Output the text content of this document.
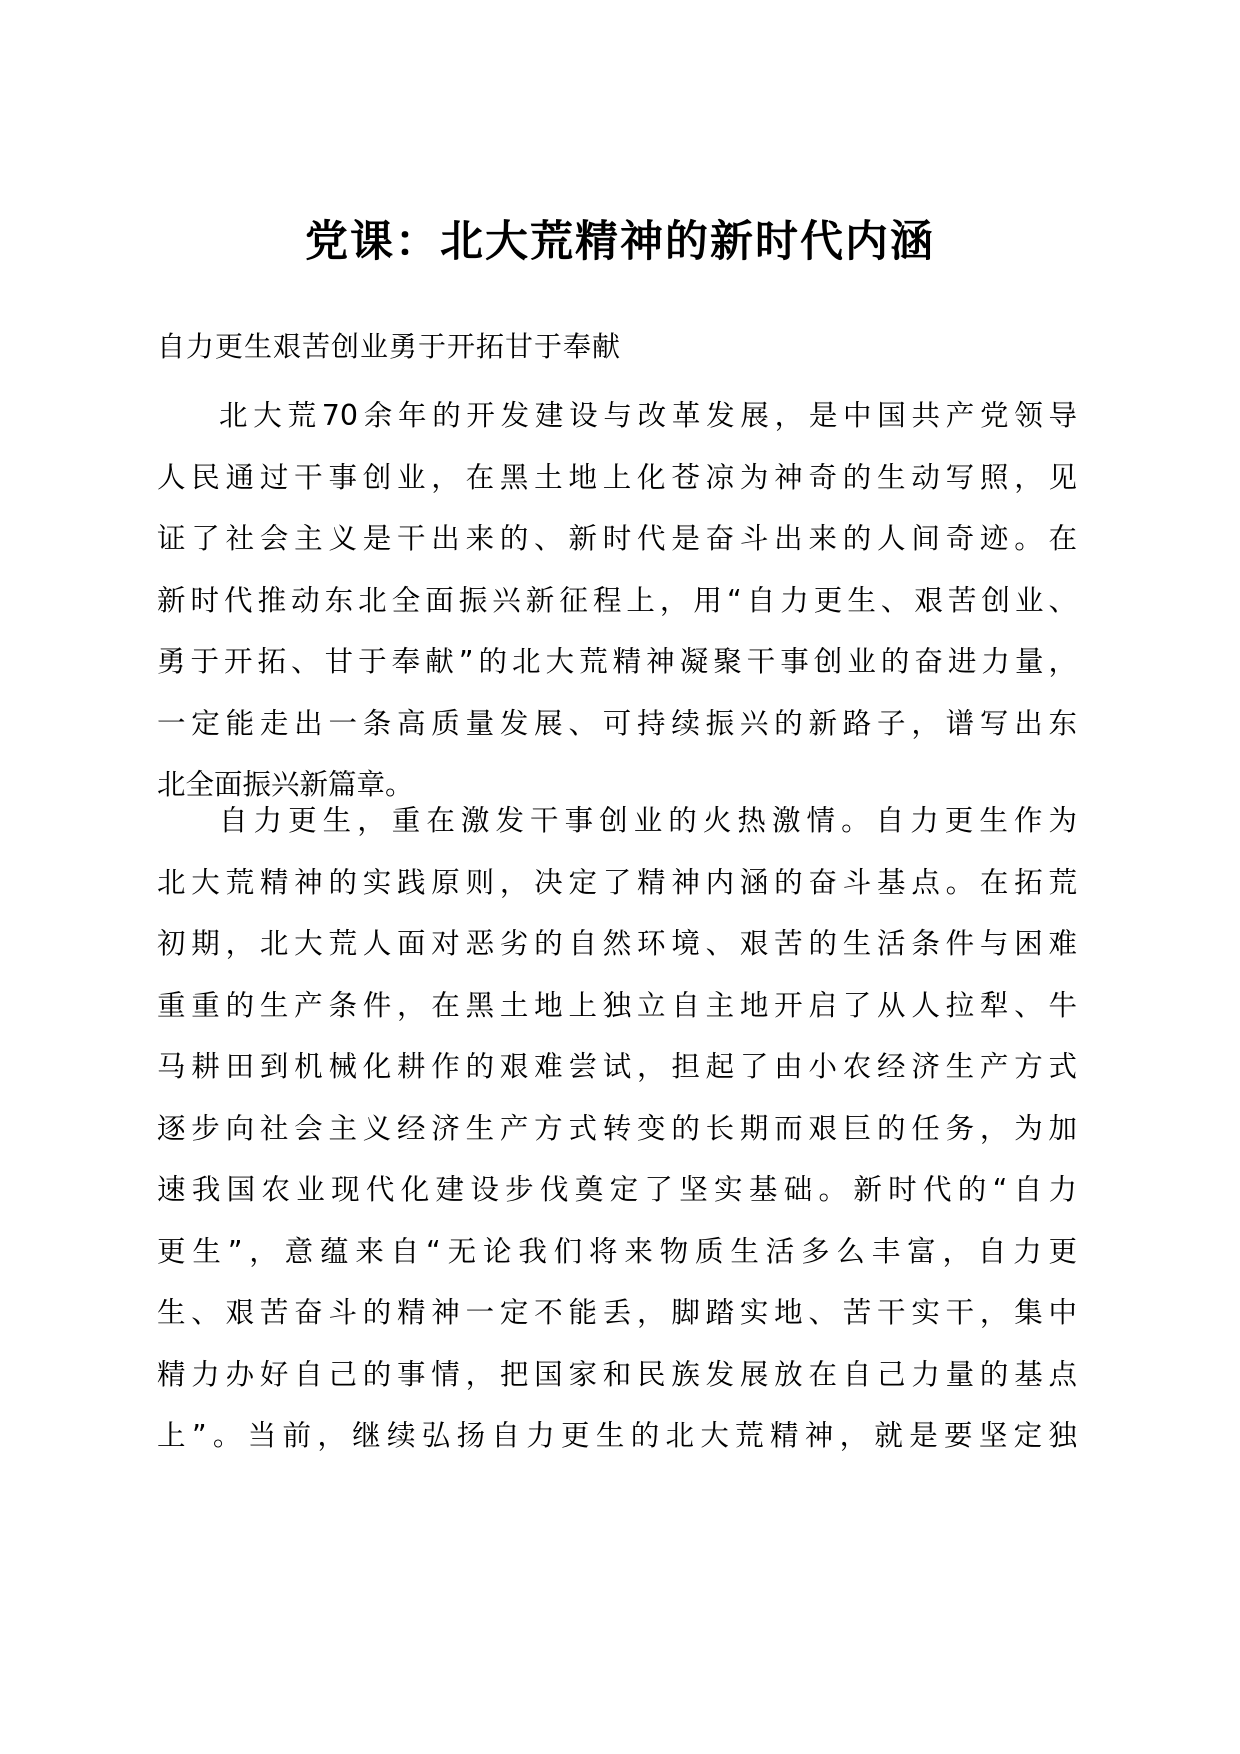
党课：北大荒精神的新时代内涵
自力更生艰苦创业勇于开拓甘于奉献
北大荒70余年的开发建设与改革发展，是中国共产党领导
人民通过干事创业，在黑土地上化苍凉为神奇的生动写照，见
证了社会主义是干出来的、新时代是奋斗出来的人间奇迹。在
新时代推动东北全面振兴新征程上，用“自力更生、艰苦创业、
勇于开拓、甘于奉献”的北大荒精神凝聚干事创业的奋进力量，
一定能走出一条高质量发展、可持续振兴的新路子，谱写出东
北全面振兴新篇章。
自力更生，重在激发干事创业的火热激情。自力更生作为
北大荒精神的实践原则，决定了精神内涵的奋斗基点。在拓荒
初期，北大荒人面对恶劣的自然环境、艰苦的生活条件与困难
重重的生产条件，在黑土地上独立自主地开启了从人拉犁、牛
马耕田到机械化耕作的艰难尝试，担起了由小农经济生产方式
逐步向社会主义经济生产方式转变的长期而艰巨的任务，为加
速我国农业现代化建设步伐奠定了坚实基础。新时代的“自力
更生”，意蕴来自“无论我们将来物质生活多么丰富，自力更
生、艰苦奋斗的精神一定不能丢，脚踏实地、苦干实干，集中
精力办好自己的事情，把国家和民族发展放在自己力量的基点
上”。当前，继续弘扬自力更生的北大荒精神，就是要坚定独
